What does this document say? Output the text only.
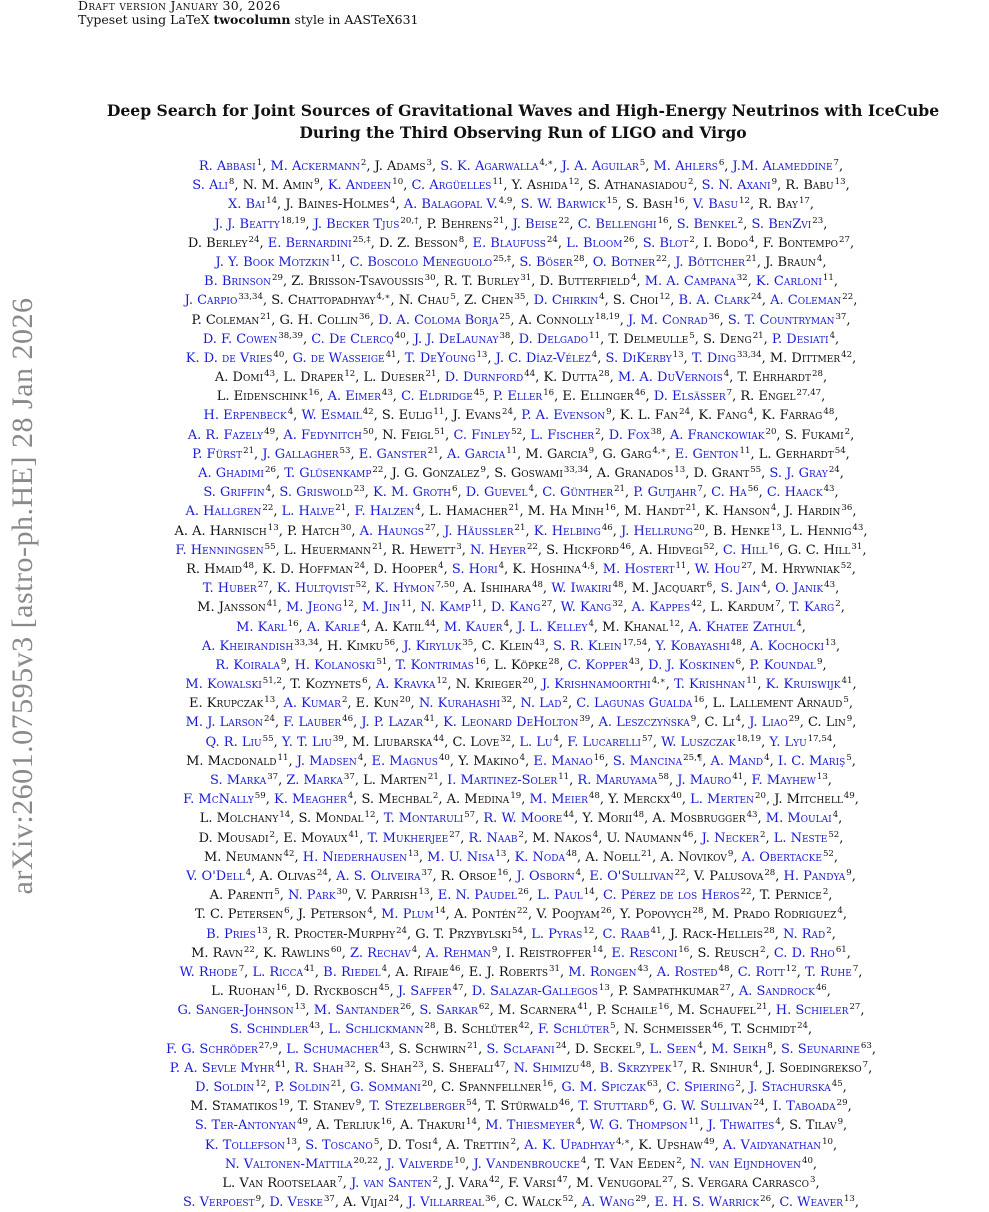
Draft version January 30, 2026
Typeset using LaTeX twocolumn style in AASTeX631
arXiv:2601.07595v3 [astro-ph.HE] 28 Jan 2026
Deep Search for Joint Sources of Gravitational Waves and High-Energy Neutrinos with IceCube
During the Third Observing Run of LIGO and Virgo
R. Abbasi$^1$, M. Ackermann$^2$, J. Adams$^3$, S. K. Agarwalla$^{4,∗}$, J. A. Aguilar$^5$, M. Ahlers$^6$, J.M. Alameddine$^7$,
S. Ali$^8$, N. M. Amin$^9$, K. Andeen$^{10}$, C. Argüelles$^{11}$, Y. Ashida$^{12}$, S. Athanasiadou$^2$, S. N. Axani$^9$, R. Babu$^{13}$,
X. Bai$^{14}$, J. Baines-Holmes$^4$, A. Balagopal V.$^{4,9}$, S. W. Barwick$^{15}$, S. Bash$^{16}$, V. Basu$^{12}$, R. Bay$^{17}$,
J. J. Beatty$^{18,19}$, J. Becker Tjus$^{20,\dagger}$, P. Behrens$^{21}$, J. Beise$^{22}$, C. Bellenghi$^{16}$, S. Benkel$^2$, S. BenZvi$^{23}$,
D. Berley$^{24}$, E. Bernardini$^{25,\ddagger}$, D. Z. Besson$^8$, E. Blaufuss$^{24}$, L. Bloom$^{26}$, S. Blot$^2$, I. Bodo$^4$, F. Bontempo$^{27}$,
J. Y. Book Motzkin$^{11}$, C. Boscolo Meneguolo$^{25,\ddagger}$, S. Böser$^{28}$, O. Botner$^{22}$, J. Böttcher$^{21}$, J. Braun$^4$,
B. Brinson$^{29}$, Z. Brisson-Tsavoussis$^{30}$, R. T. Burley$^{31}$, D. Butterfield$^4$, M. A. Campana$^{32}$, K. Carloni$^{11}$,
J. Carpio$^{33,34}$, S. Chattopadhyay$^{4,∗}$, N. Chau$^5$, Z. Chen$^{35}$, D. Chirkin$^4$, S. Choi$^{12}$, B. A. Clark$^{24}$, A. Coleman$^{22}$,
P. Coleman$^{21}$, G. H. Collin$^{36}$, D. A. Coloma Borja$^{25}$, A. Connolly$^{18,19}$, J. M. Conrad$^{36}$, S. T. Countryman$^{37}$,
D. F. Cowen$^{38,39}$, C. De Clercq$^{40}$, J. J. DeLaunay$^{38}$, D. Delgado$^{11}$, T. Delmeulle$^5$, S. Deng$^{21}$, P. Desiati$^4$,
K. D. de Vries$^{40}$, G. de Wasseige$^{41}$, T. DeYoung$^{13}$, J. C. Díaz-Vélez$^4$, S. DiKerby$^{13}$, T. Ding$^{33,34}$, M. Dittmer$^{42}$,
A. Domi$^{43}$, L. Draper$^{12}$, L. Dueser$^{21}$, D. Durnford$^{44}$, K. Dutta$^{28}$, M. A. DuVernois$^4$, T. Ehrhardt$^{28}$,
L. Eidenschink$^{16}$, A. Eimer$^{43}$, C. Eldridge$^{45}$, P. Eller$^{16}$, E. Ellinger$^{46}$, D. Elsässer$^7$, R. Engel$^{27,47}$,
H. Erpenbeck$^4$, W. Esmail$^{42}$, S. Eulig$^{11}$, J. Evans$^{24}$, P. A. Evenson$^9$, K. L. Fan$^{24}$, K. Fang$^4$, K. Farrag$^{48}$,
A. R. Fazely$^{49}$, A. Fedynitch$^{50}$, N. Feigl$^{51}$, C. Finley$^{52}$, L. Fischer$^2$, D. Fox$^{38}$, A. Franckowiak$^{20}$, S. Fukami$^2$,
P. Fürst$^{21}$, J. Gallagher$^{53}$, E. Ganster$^{21}$, A. Garcia$^{11}$, M. Garcia$^9$, G. Garg$^{4,∗}$, E. Genton$^{11}$, L. Gerhardt$^{54}$,
A. Ghadimi$^{26}$, T. Glüsenkamp$^{22}$, J. G. Gonzalez$^9$, S. Goswami$^{33,34}$, A. Granados$^{13}$, D. Grant$^{55}$, S. J. Gray$^{24}$,
S. Griffin$^4$, S. Griswold$^{23}$, K. M. Groth$^6$, D. Guevel$^4$, C. Günther$^{21}$, P. Gutjahr$^7$, C. Ha$^{56}$, C. Haack$^{43}$,
A. Hallgren$^{22}$, L. Halve$^{21}$, F. Halzen$^4$, L. Hamacher$^{21}$, M. Ha Minh$^{16}$, M. Handt$^{21}$, K. Hanson$^4$, J. Hardin$^{36}$,
A. A. Harnisch$^{13}$, P. Hatch$^{30}$, A. Haungs$^{27}$, J. Häussler$^{21}$, K. Helbing$^{46}$, J. Hellrung$^{20}$, B. Henke$^{13}$, L. Hennig$^{43}$,
F. Henningsen$^{55}$, L. Heuermann$^{21}$, R. Hewett$^3$, N. Heyer$^{22}$, S. Hickford$^{46}$, A. Hidvegi$^{52}$, C. Hill$^{16}$, G. C. Hill$^{31}$,
R. Hmaid$^{48}$, K. D. Hoffman$^{24}$, D. Hooper$^4$, S. Hori$^4$, K. Hoshina$^{4,\S}$, M. Hostert$^{11}$, W. Hou$^{27}$, M. Hrywniak$^{52}$,
T. Huber$^{27}$, K. Hultqvist$^{52}$, K. Hymon$^{7,50}$, A. Ishihara$^{48}$, W. Iwakiri$^{48}$, M. Jacquart$^6$, S. Jain$^4$, O. Janik$^{43}$,
M. Jansson$^{41}$, M. Jeong$^{12}$, M. Jin$^{11}$, N. Kamp$^{11}$, D. Kang$^{27}$, W. Kang$^{32}$, A. Kappes$^{42}$, L. Kardum$^7$, T. Karg$^2$,
M. Karl$^{16}$, A. Karle$^4$, A. Katil$^{44}$, M. Kauer$^4$, J. L. Kelley$^4$, M. Khanal$^{12}$, A. Khatee Zathul$^4$,
A. Kheirandish$^{33,34}$, H. Kimku$^{56}$, J. Kiryluk$^{35}$, C. Klein$^{43}$, S. R. Klein$^{17,54}$, Y. Kobayashi$^{48}$, A. Kochocki$^{13}$,
R. Koirala$^9$, H. Kolanoski$^{51}$, T. Kontrimas$^{16}$, L. Köpke$^{28}$, C. Kopper$^{43}$, D. J. Koskinen$^6$, P. Koundal$^9$,
M. Kowalski$^{51,2}$, T. Kozynets$^6$, A. Kravka$^{12}$, N. Krieger$^{20}$, J. Krishnamoorthi$^{4,∗}$, T. Krishnan$^{11}$, K. Kruiswijk$^{41}$,
E. Krupczak$^{13}$, A. Kumar$^2$, E. Kun$^{20}$, N. Kurahashi$^{32}$, N. Lad$^2$, C. Lagunas Gualda$^{16}$, L. Lallement Arnaud$^5$,
M. J. Larson$^{24}$, F. Lauber$^{46}$, J. P. Lazar$^{41}$, K. Leonard DeHolton$^{39}$, A. Leszczyńska$^9$, C. Li$^4$, J. Liao$^{29}$, C. Lin$^9$,
Q. R. Liu$^{55}$, Y. T. Liu$^{39}$, M. Liubarska$^{44}$, C. Love$^{32}$, L. Lu$^4$, F. Lucarelli$^{57}$, W. Luszczak$^{18,19}$, Y. Lyu$^{17,54}$,
M. Macdonald$^{11}$, J. Madsen$^4$, E. Magnus$^{40}$, Y. Makino$^4$, E. Manao$^{16}$, S. Mancina$^{25,\P}$, A. Mand$^4$, I. C. Mariş$^5$,
S. Marka$^{37}$, Z. Marka$^{37}$, L. Marten$^{21}$, I. Martinez-Soler$^{11}$, R. Maruyama$^{58}$, J. Mauro$^{41}$, F. Mayhew$^{13}$,
F. McNally$^{59}$, K. Meagher$^4$, S. Mechbal$^2$, A. Medina$^{19}$, M. Meier$^{48}$, Y. Merckx$^{40}$, L. Merten$^{20}$, J. Mitchell$^{49}$,
L. Molchany$^{14}$, S. Mondal$^{12}$, T. Montaruli$^{57}$, R. W. Moore$^{44}$, Y. Morii$^{48}$, A. Mosbrugger$^{43}$, M. Moulai$^4$,
D. Mousadi$^2$, E. Moyaux$^{41}$, T. Mukherjee$^{27}$, R. Naab$^2$, M. Nakos$^4$, U. Naumann$^{46}$, J. Necker$^2$, L. Neste$^{52}$,
M. Neumann$^{42}$, H. Niederhausen$^{13}$, M. U. Nisa$^{13}$, K. Noda$^{48}$, A. Noell$^{21}$, A. Novikov$^9$, A. Obertacke$^{52}$,
V. O'Dell$^4$, A. Olivas$^{24}$, A. S. Oliveira$^{37}$, R. Orsoe$^{16}$, J. Osborn$^4$, E. O'Sullivan$^{22}$, V. Palusova$^{28}$, H. Pandya$^9$,
A. Parenti$^5$, N. Park$^{30}$, V. Parrish$^{13}$, E. N. Paudel$^{26}$, L. Paul$^{14}$, C. Pérez de los Heros$^{22}$, T. Pernice$^2$,
T. C. Petersen$^6$, J. Peterson$^4$, M. Plum$^{14}$, A. Pontén$^{22}$, V. Poojyam$^{26}$, Y. Popovych$^{28}$, M. Prado Rodriguez$^4$,
B. Pries$^{13}$, R. Procter-Murphy$^{24}$, G. T. Przybylski$^{54}$, L. Pyras$^{12}$, C. Raab$^{41}$, J. Rack-Helleis$^{28}$, N. Rad$^2$,
M. Ravn$^{22}$, K. Rawlins$^{60}$, Z. Rechav$^4$, A. Rehman$^9$, I. Reistroffer$^{14}$, E. Resconi$^{16}$, S. Reusch$^2$, C. D. Rho$^{61}$,
W. Rhode$^7$, L. Ricca$^{41}$, B. Riedel$^4$, A. Rifaie$^{46}$, E. J. Roberts$^{31}$, M. Rongen$^{43}$, A. Rosted$^{48}$, C. Rott$^{12}$, T. Ruhe$^7$,
L. Ruohan$^{16}$, D. Ryckbosch$^{45}$, J. Saffer$^{47}$, D. Salazar-Gallegos$^{13}$, P. Sampathkumar$^{27}$, A. Sandrock$^{46}$,
G. Sanger-Johnson$^{13}$, M. Santander$^{26}$, S. Sarkar$^{62}$, M. Scarnera$^{41}$, P. Schaile$^{16}$, M. Schaufel$^{21}$, H. Schieler$^{27}$,
S. Schindler$^{43}$, L. Schlickmann$^{28}$, B. Schlüter$^{42}$, F. Schlüter$^5$, N. Schmeisser$^{46}$, T. Schmidt$^{24}$,
F. G. Schröder$^{27,9}$, L. Schumacher$^{43}$, S. Schwirn$^{21}$, S. Sclafani$^{24}$, D. Seckel$^9$, L. Seen$^4$, M. Seikh$^8$, S. Seunarine$^{63}$,
P. A. Sevle Myhr$^{41}$, R. Shah$^{32}$, S. Shah$^{23}$, S. Shefali$^{47}$, N. Shimizu$^{48}$, B. Skrzypek$^{17}$, R. Snihur$^4$, J. Soedingrekso$^7$,
D. Soldin$^{12}$, P. Soldin$^{21}$, G. Sommani$^{20}$, C. Spannfellner$^{16}$, G. M. Spiczak$^{63}$, C. Spiering$^2$, J. Stachurska$^{45}$,
M. Stamatikos$^{19}$, T. Stanev$^9$, T. Stezelberger$^{54}$, T. Stürwald$^{46}$, T. Stuttard$^6$, G. W. Sullivan$^{24}$, I. Taboada$^{29}$,
S. Ter-Antonyan$^{49}$, A. Terliuk$^{16}$, A. Thakuri$^{14}$, M. Thiesmeyer$^4$, W. G. Thompson$^{11}$, J. Thwaites$^4$, S. Tilav$^9$,
K. Tollefson$^{13}$, S. Toscano$^5$, D. Tosi$^4$, A. Trettin$^2$, A. K. Upadhyay$^{4,∗}$, K. Upshaw$^{49}$, A. Vaidyanathan$^{10}$,
N. Valtonen-Mattila$^{20,22}$, J. Valverde$^{10}$, J. Vandenbroucke$^4$, T. Van Eeden$^2$, N. van Eijndhoven$^{40}$,
L. Van Rootselaar$^7$, J. van Santen$^2$, J. Vara$^{42}$, F. Varsi$^{47}$, M. Venugopal$^{27}$, S. Vergara Carrasco$^3$,
S. Verpoest$^9$, D. Veske$^{37}$, A. Vijai$^{24}$, J. Villarreal$^{36}$, C. Walck$^{52}$, A. Wang$^{29}$, E. H. S. Warrick$^{26}$, C. Weaver$^{13}$,
